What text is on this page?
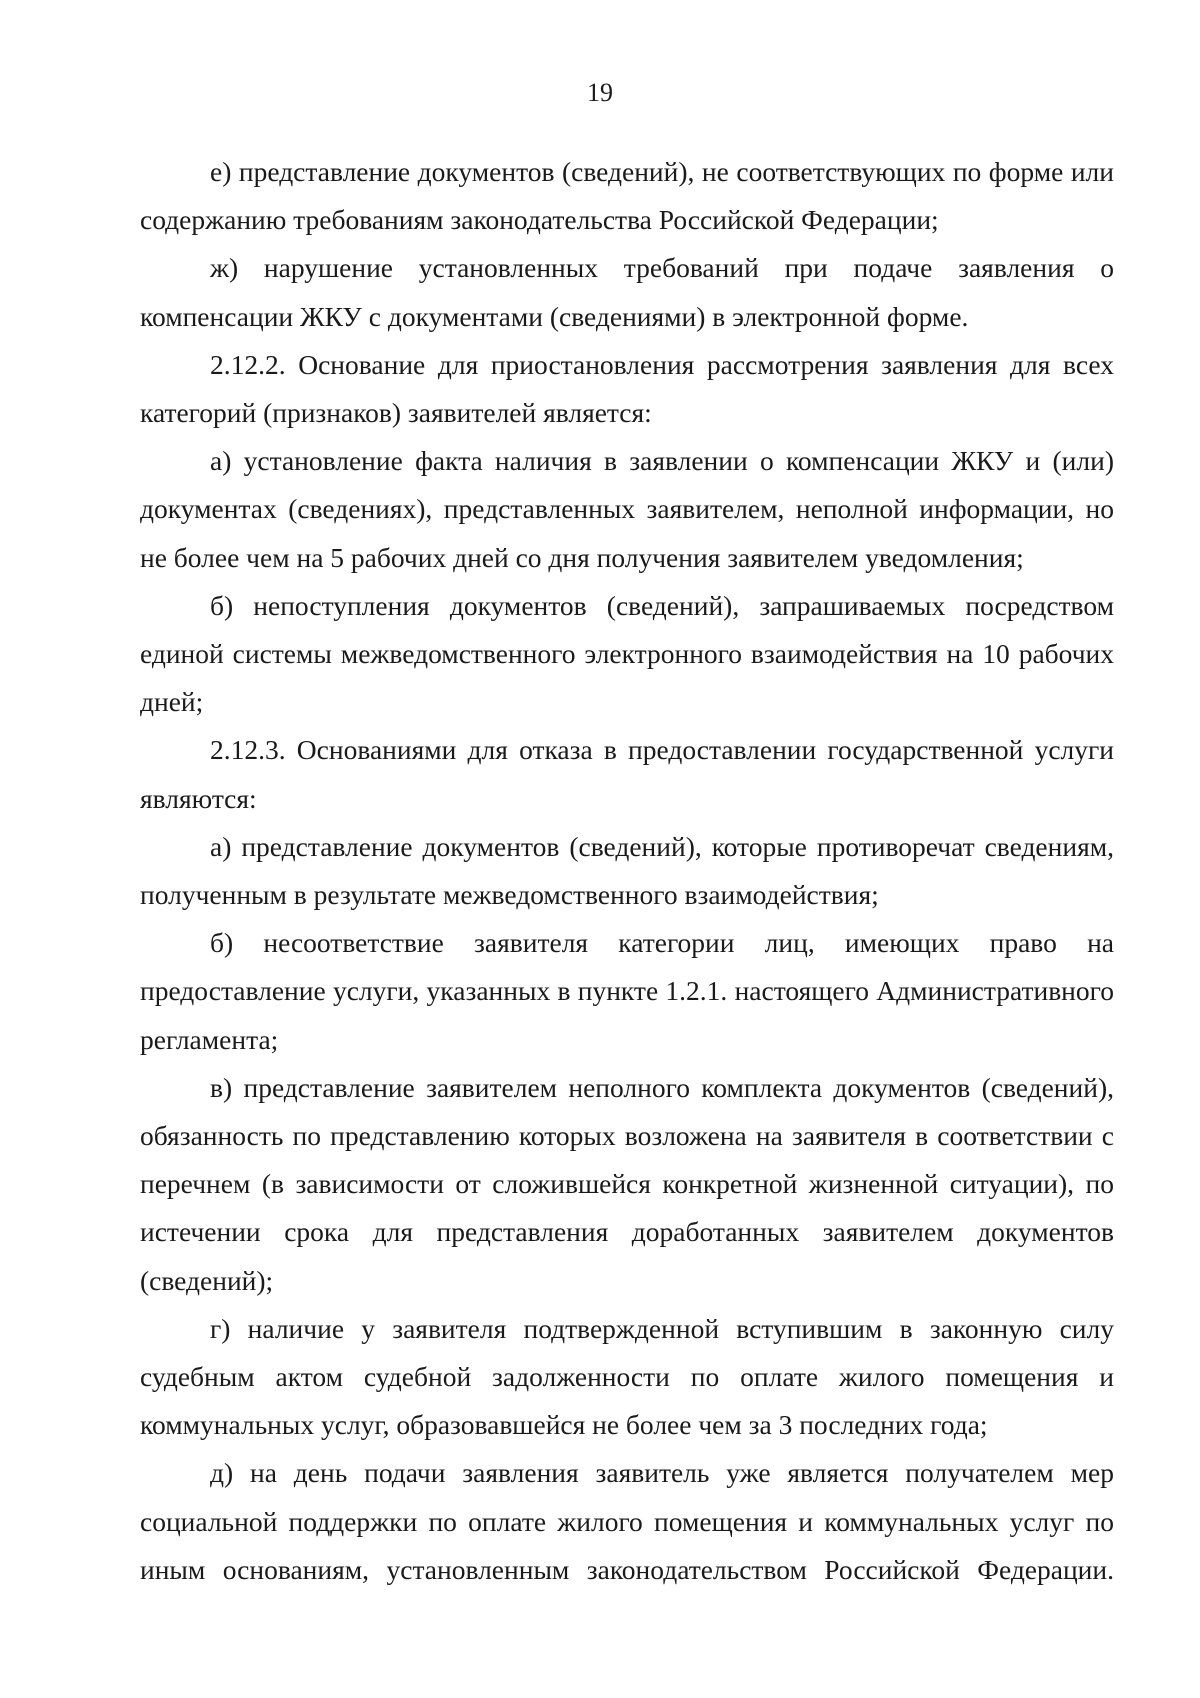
19

е) представление документов (сведений), не соответствующих по форме или содержанию требованиям законодательства Российской Федерации;

ж) нарушение установленных требований при подаче заявления о компенсации ЖКУ с документами (сведениями) в электронной форме.

2.12.2. Основание для приостановления рассмотрения заявления для всех категорий (признаков) заявителей является:

а) установление факта наличия в заявлении о компенсации ЖКУ и (или) документах (сведениях), представленных заявителем, неполной информации, но не более чем на 5 рабочих дней со дня получения заявителем уведомления;

б) непоступления документов (сведений), запрашиваемых посредством единой системы межведомственного электронного взаимодействия на 10 рабочих дней;

2.12.3. Основаниями для отказа в предоставлении государственной услуги являются:

а) представление документов (сведений), которые противоречат сведениям, полученным в результате межведомственного взаимодействия;

б) несоответствие заявителя категории лиц, имеющих право на предоставление услуги, указанных в пункте 1.2.1. настоящего Административного регламента;

в) представление заявителем неполного комплекта документов (сведений), обязанность по представлению которых возложена на заявителя в соответствии с перечнем (в зависимости от сложившейся конкретной жизненной ситуации), по истечении срока для представления доработанных заявителем документов (сведений);

г) наличие у заявителя подтвержденной вступившим в законную силу судебным актом судебной задолженности по оплате жилого помещения и коммунальных услуг, образовавшейся не более чем за 3 последних года;

д) на день подачи заявления заявитель уже является получателем мер социальной поддержки по оплате жилого помещения и коммунальных услуг по иным основаниям, установленным законодательством Российской Федерации.
